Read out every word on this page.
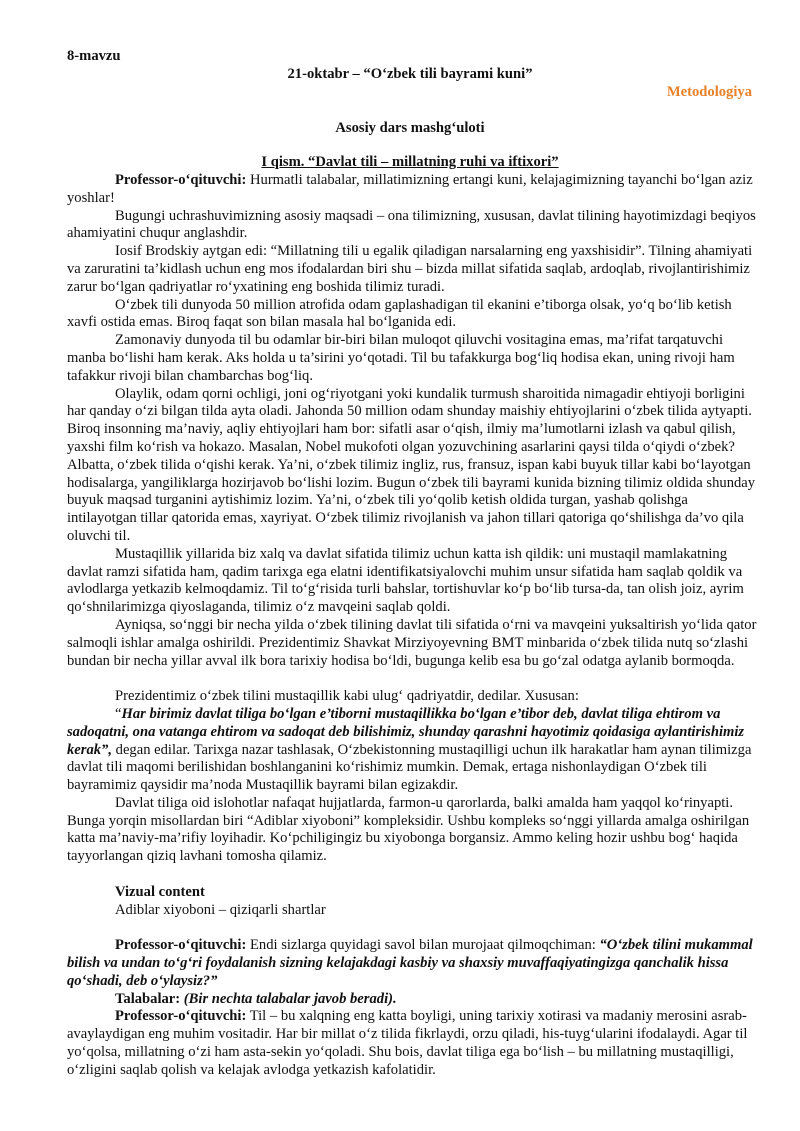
8-mavzu
21-oktabr – “O‘zbek tili bayrami kuni”
Metodologiya
Asosiy dars mashg‘uloti
I qism. “Davlat tili – millatning ruhi va iftixori”

Professor-o‘qituvchi: Hurmatli talabalar, millatimizning ertangi kuni, kelajagimizning tayanchi bo‘lgan aziz yoshlar!

Bugungi uchrashuvimizning asosiy maqsadi – ona tilimizning, xususan, davlat tilining hayotimizdagi beqiyos ahamiyatini chuqur anglashdir.

Iosif Brodskiy aytgan edi: “Millatning tili u egalik qiladigan narsalarning eng yaxshisidir”. Tilning ahamiyati va zaruratini ta’kidlash uchun eng mos ifodalardan biri shu – bizda millat sifatida saqlab, ardoqlab, rivojlantirishimiz zarur bo‘lgan qadriyatlar ro‘yxatining eng boshida tilimiz turadi.

O‘zbek tili dunyoda 50 million atrofida odam gaplashadigan til ekanini e’tiborga olsak, yo‘q bo‘lib ketish xavfi ostida emas. Biroq faqat son bilan masala hal bo‘lganida edi.

Zamonaviy dunyoda til bu odamlar bir-biri bilan muloqot qiluvchi vositagina emas, ma’rifat tarqatuvchi manba bo‘lishi ham kerak. Aks holda u ta’sirini yo‘qotadi. Til bu tafakkurga bog‘liq hodisa ekan, uning rivoji ham tafakkur rivoji bilan chambarchas bog‘liq.

Olaylik, odam qorni ochligi, joni og‘riyotgani yoki kundalik turmush sharoitida nimagadir ehtiyoji borligini har qanday o‘zi bilgan tilda ayta oladi. Jahonda 50 million odam shunday maishiy ehtiyojlarini o‘zbek tilida aytyapti. Biroq insonning ma’naviy, aqliy ehtiyojlari ham bor: sifatli asar o‘qish, ilmiy ma’lumotlarni izlash va qabul qilish, yaxshi film ko‘rish va hokazo. Masalan, Nobel mukofoti olgan yozuvchining asarlarini qaysi tilda o‘qiydi o‘zbek? Albatta, o‘zbek tilida o‘qishi kerak. Ya’ni, o‘zbek tilimiz ingliz, rus, fransuz, ispan kabi buyuk tillar kabi bo‘layotgan hodisalarga, yangiliklarga hozirjavob bo‘lishi lozim. Bugun o‘zbek tili bayrami kunida bizning tilimiz oldida shunday buyuk maqsad turganini aytishimiz lozim. Ya’ni, o‘zbek tili yo‘qolib ketish oldida turgan, yashab qolishga intilayotgan tillar qatorida emas, xayriyat. O‘zbek tilimiz rivojlanish va jahon tillari qatoriga qo‘shilishga da’vo qila oluvchi til.

Mustaqillik yillarida biz xalq va davlat sifatida tilimiz uchun katta ish qildik: uni mustaqil mamlakatning davlat ramzi sifatida ham, qadim tarixga ega elatni identifikatsiyalovchi muhim unsur sifatida ham saqlab qoldik va avlodlarga yetkazib kelmoqdamiz. Til to‘g‘risida turli bahslar, tortishuvlar ko‘p bo‘lib tursa-da, tan olish joiz, ayrim qo‘shnilarimizga qiyoslaganda, tilimiz o‘z mavqeini saqlab qoldi.

Ayniqsa, so‘nggi bir necha yilda o‘zbek tilining davlat tili sifatida o‘rni va mavqeini yuksaltirish yo‘lida qator salmoqli ishlar amalga oshirildi. Prezidentimiz Shavkat Mirziyoyevning BMT minbarida o‘zbek tilida nutq so‘zlashi bundan bir necha yillar avval ilk bora tarixiy hodisa bo‘ldi, bugunga kelib esa bu go‘zal odatga aylanib bormoqda.

Prezidentimiz o‘zbek tilini mustaqillik kabi ulug‘ qadriyatdir, dedilar. Xususan:

“Har birimiz davlat tiliga bo‘lgan e’tiborni mustaqillikka bo‘lgan e’tibor deb, davlat tiliga ehtirom va sadoqatni, ona vatanga ehtirom va sadoqat deb bilishimiz, shunday qarashni hayotimiz qoidasiga aylantirishimiz kerak”, degan edilar. Tarixga nazar tashlasak, O‘zbekistonning mustaqilligi uchun ilk harakatlar ham aynan tilimizga davlat tili maqomi berilishidan boshlanganini ko‘rishimiz mumkin. Demak, ertaga nishonlaydigan O‘zbek tili bayramimiz qaysidir ma’noda Mustaqillik bayrami bilan egizakdir.

Davlat tiliga oid islohotlar nafaqat hujjatlarda, farmon-u qarorlarda, balki amalda ham yaqqol ko‘rinyapti. Bunga yorqin misollardan biri “Adiblar xiyoboni” kompleksidir. Ushbu kompleks so‘nggi yillarda amalga oshirilgan katta ma’naviy-ma’rifiy loyihadir. Ko‘pchiligingiz bu xiyobonga borgansiz. Ammo keling hozir ushbu bog‘ haqida tayyorlangan qiziq lavhani tomosha qilamiz.

Vizual content

Adiblar xiyoboni – qiziqarli shartlar

Professor-o‘qituvchi: Endi sizlarga quyidagi savol bilan murojaat qilmoqchiman: “O‘zbek tilini mukammal bilish va undan to‘g‘ri foydalanish sizning kelajakdagi kasbiy va shaxsiy muvaffaqiyatingizga qanchalik hissa qo‘shadi, deb o‘ylaysiz?”

Talabalar: (Bir nechta talabalar javob beradi).

Professor-o‘qituvchi: Til – bu xalqning eng katta boyligi, uning tarixiy xotirasi va madaniy merosini asrab-avaylaydigan eng muhim vositadir. Har bir millat o‘z tilida fikrlaydi, orzu qiladi, his-tuyg‘ularini ifodalaydi. Agar til yo‘qolsa, millatning o‘zi ham asta-sekin yo‘qoladi. Shu bois, davlat tiliga ega bo‘lish – bu millatning mustaqilligi, o‘zligini saqlab qolish va kelajak avlodga yetkazish kafolatidir.
